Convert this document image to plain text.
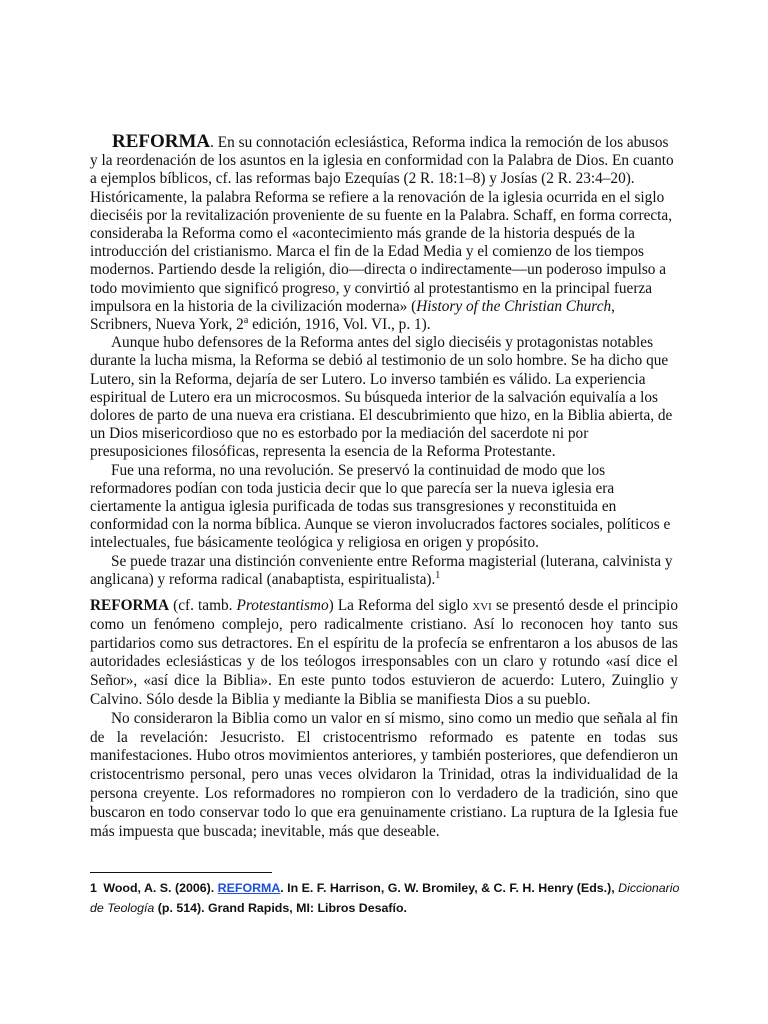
REFORMA. En su connotación eclesiástica, Reforma indica la remoción de los abusos y la reordenación de los asuntos en la iglesia en conformidad con la Palabra de Dios. En cuanto a ejemplos bíblicos, cf. las reformas bajo Ezequías (2 R. 18:1–8) y Josías (2 R. 23:4–20). Históricamente, la palabra Reforma se refiere a la renovación de la iglesia ocurrida en el siglo dieciséis por la revitalización proveniente de su fuente en la Palabra. Schaff, en forma correcta, consideraba la Reforma como el «acontecimiento más grande de la historia después de la introducción del cristianismo. Marca el fin de la Edad Media y el comienzo de los tiempos modernos. Partiendo desde la religión, dio—directa o indirectamente—un poderoso impulso a todo movimiento que significó progreso, y convirtió al protestantismo en la principal fuerza impulsora en la historia de la civilización moderna» (History of the Christian Church, Scribners, Nueva York, 2$^a$ edición, 1916, Vol. VI., p. 1).

Aunque hubo defensores de la Reforma antes del siglo dieciséis y protagonistas notables durante la lucha misma, la Reforma se debió al testimonio de un solo hombre. Se ha dicho que Lutero, sin la Reforma, dejaría de ser Lutero. Lo inverso también es válido. La experiencia espiritual de Lutero era un microcosmos. Su búsqueda interior de la salvación equivalía a los dolores de parto de una nueva era cristiana. El descubrimiento que hizo, en la Biblia abierta, de un Dios misericordioso que no es estorbado por la mediación del sacerdote ni por presuposiciones filosóficas, representa la esencia de la Reforma Protestante.

Fue una reforma, no una revolución. Se preservó la continuidad de modo que los reformadores podían con toda justicia decir que lo que parecía ser la nueva iglesia era ciertamente la antigua iglesia purificada de todas sus transgresiones y reconstituida en conformidad con la norma bíblica. Aunque se vieron involucrados factores sociales, políticos e intelectuales, fue básicamente teológica y religiosa en origen y propósito.

Se puede trazar una distinción conveniente entre Reforma magisterial (luterana, calvinista y anglicana) y reforma radical (anabaptista, espiritualista).$^1$

REFORMA (cf. tamb. Protestantismo) La Reforma del siglo xvi se presentó desde el principio como un fenómeno complejo, pero radicalmente cristiano. Así lo reconocen hoy tanto sus partidarios como sus detractores. En el espíritu de la profecía se enfrentaron a los abusos de las autoridades eclesiásticas y de los teólogos irresponsables con un claro y rotundo «así dice el Señor», «así dice la Biblia». En este punto todos estuvieron de acuerdo: Lutero, Zuinglio y Calvino. Sólo desde la Biblia y mediante la Biblia se manifiesta Dios a su pueblo.

No consideraron la Biblia como un valor en sí mismo, sino como un medio que señala al fin de la revelación: Jesucristo. El cristocentrismo reformado es patente en todas sus manifestaciones. Hubo otros movimientos anteriores, y también posteriores, que defendieron un cristocentrismo personal, pero unas veces olvidaron la Trinidad, otras la individualidad de la persona creyente. Los reformadores no rompieron con lo verdadero de la tradición, sino que buscaron en todo conservar todo lo que era genuinamente cristiano. La ruptura de la Iglesia fue más impuesta que buscada; inevitable, más que deseable.

1 Wood, A. S. (2006). REFORMA. In E. F. Harrison, G. W. Bromiley, & C. F. H. Henry (Eds.), Diccionario de Teología (p. 514). Grand Rapids, MI: Libros Desafío.
